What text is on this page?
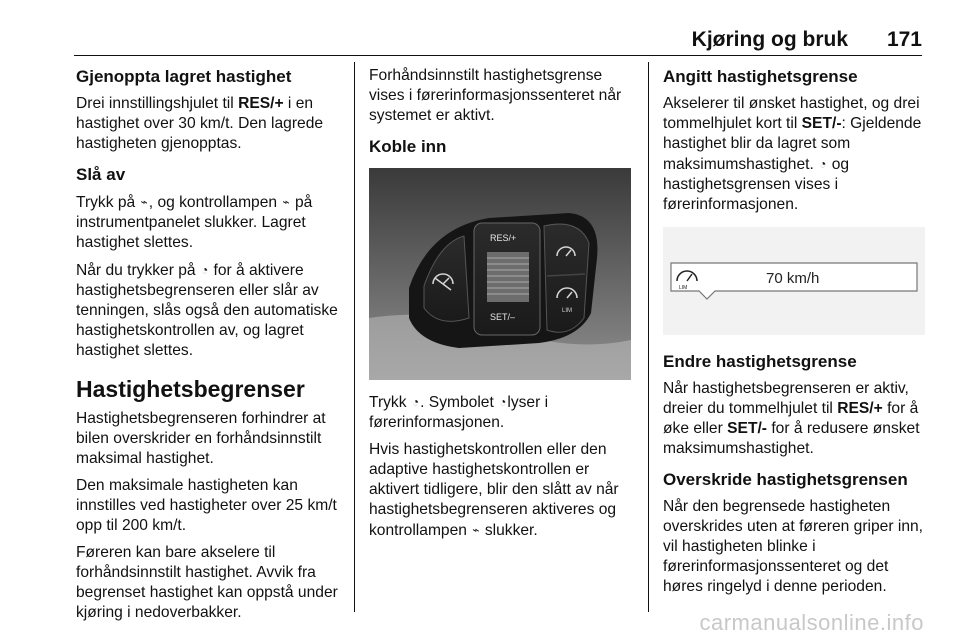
Kjøring og bruk 171
Gjenoppta lagret hastighet

Drei innstillingshjulet til RES/+ i en hastighet over 30 km/t. Den lagrede hastigheten gjenopptas.

Slå av

Trykk på ⌁, og kontrollampen ⌁ på instrumentpanelet slukker. Lagret hastighet slettes.

Når du trykker på ◔ for å aktivere hastighetsbegrenseren eller slår av tenningen, slås også den automatiske hastighetskontrollen av, og lagret hastighet slettes.

Hastighetsbegrenser

Hastighetsbegrenseren forhindrer at bilen overskrider en forhåndsinnstilt maksimal hastighet.

Den maksimale hastigheten kan innstilles ved hastigheter over 25 km/t opp til 200 km/t.

Føreren kan bare akselere til forhåndsinnstilt hastighet. Avvik fra begrenset hastighet kan oppstå under kjøring i nedoverbakker.

Forhåndsinnstilt hastighetsgrense vises i førerinformasjonssenteret når systemet er aktivt.

Koble inn
RES/+
SET/–
LIM

Trykk ◔. Symbolet ◔lyser i førerinformasjonen.

Hvis hastighetskontrollen eller den adaptive hastighetskontrollen er aktivert tidligere, blir den slått av når hastighetsbegrenseren aktiveres og kontrollampen ⌁ slukker.

Angitt hastighetsgrense

Akselerer til ønsket hastighet, og drei tommelhjulet kort til SET/-: Gjeldende hastighet blir da lagret som maksimumshastighet. ◔ og hastighetsgrensen vises i førerinformasjonen.

LIM
70 km/h
Endre hastighetsgrense

Når hastighetsbegrenseren er aktiv, dreier du tommelhjulet til RES/+ for å øke eller SET/- for å redusere ønsket maksimumshastighet.

Overskride hastighetsgrensen

Når den begrensede hastigheten overskrides uten at føreren griper inn, vil hastigheten blinke i førerinformasjonssenteret og det høres ringelyd i denne perioden.

carmanualsonline.info
